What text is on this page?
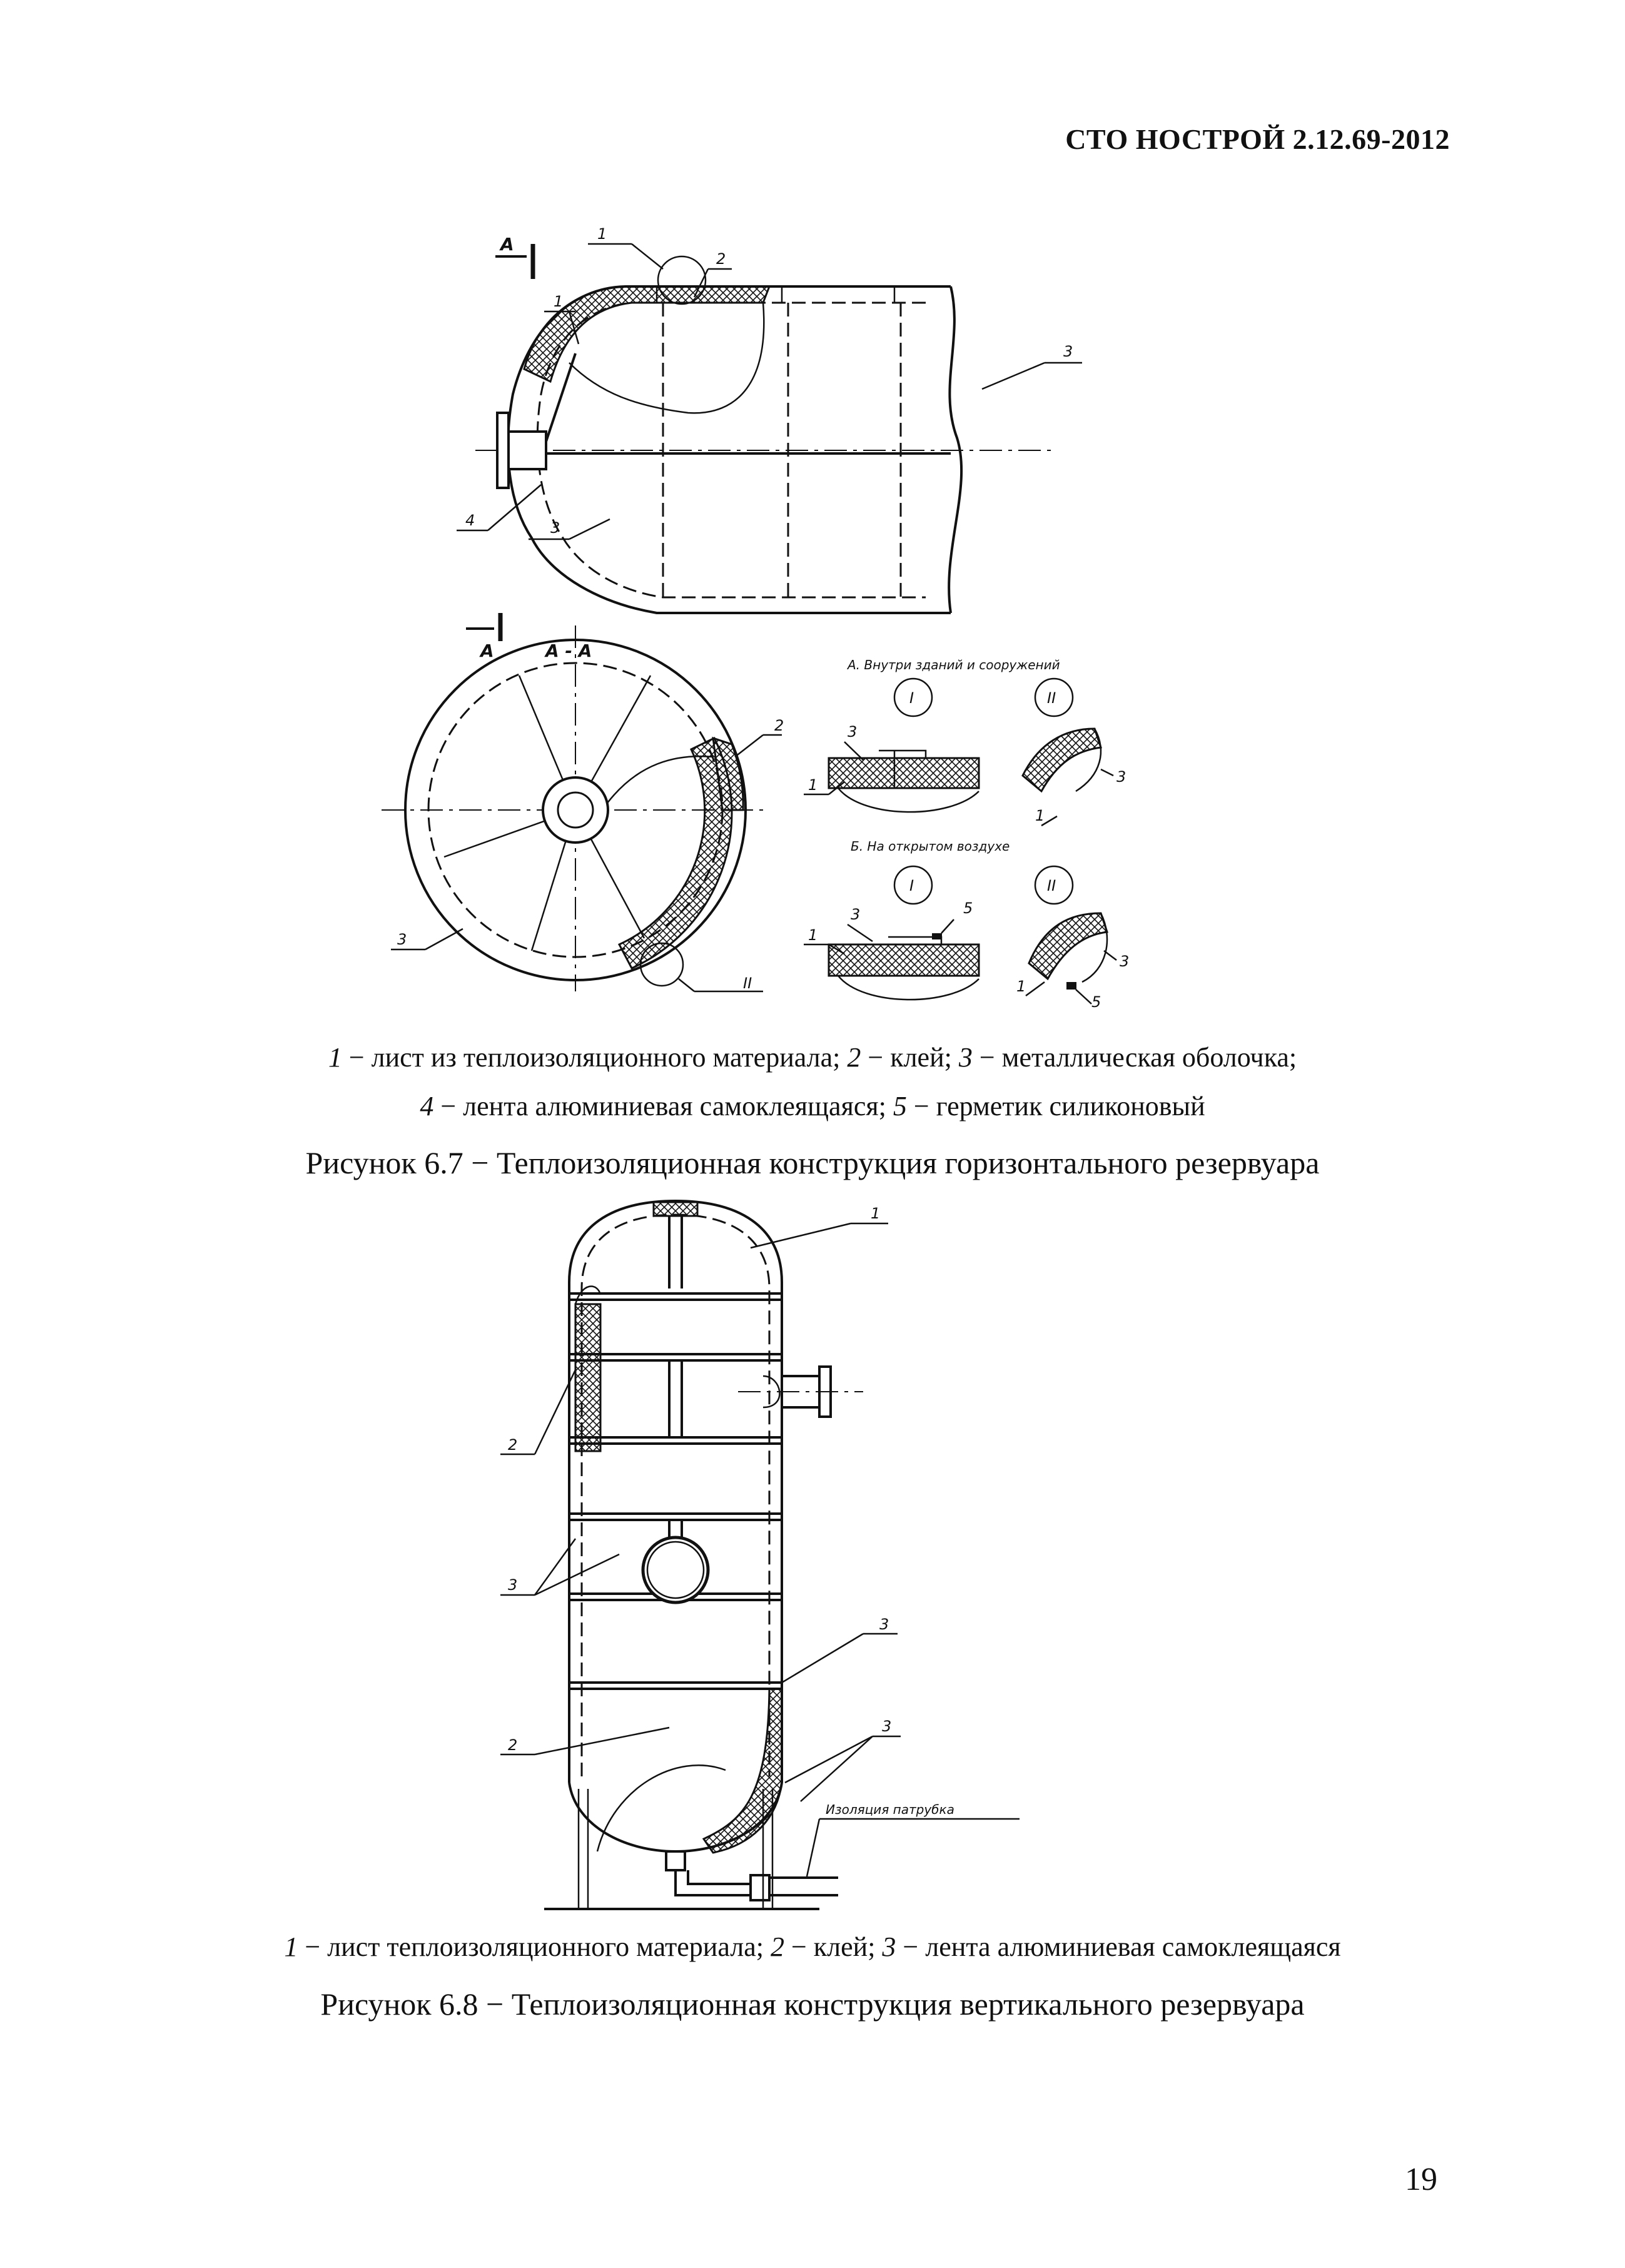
СТО НОСТРОЙ 2.12.69-2012
А	1
2
3
3
1
4
А	А - А
2
3
II
А. Внутри зданий и сооружений
I	II
3
1
1
3
Б. На открытом воздухе
I	II
3	5
1
1
3
5
1 − лист из теплоизоляционного материала; 2 − клей; 3 − металлическая оболочка;
4 − лента алюминиевая самоклеящаяся; 5 − герметик силиконовый
Рисунок 6.7 − Теплоизоляционная конструкция горизонтального резервуара
1
2
3
3
2
3
Изоляция патрубка
1 − лист теплоизоляционного материала; 2 − клей; 3 − лента алюминиевая самоклеящаяся
Рисунок 6.8 − Теплоизоляционная конструкция вертикального резервуара
19
